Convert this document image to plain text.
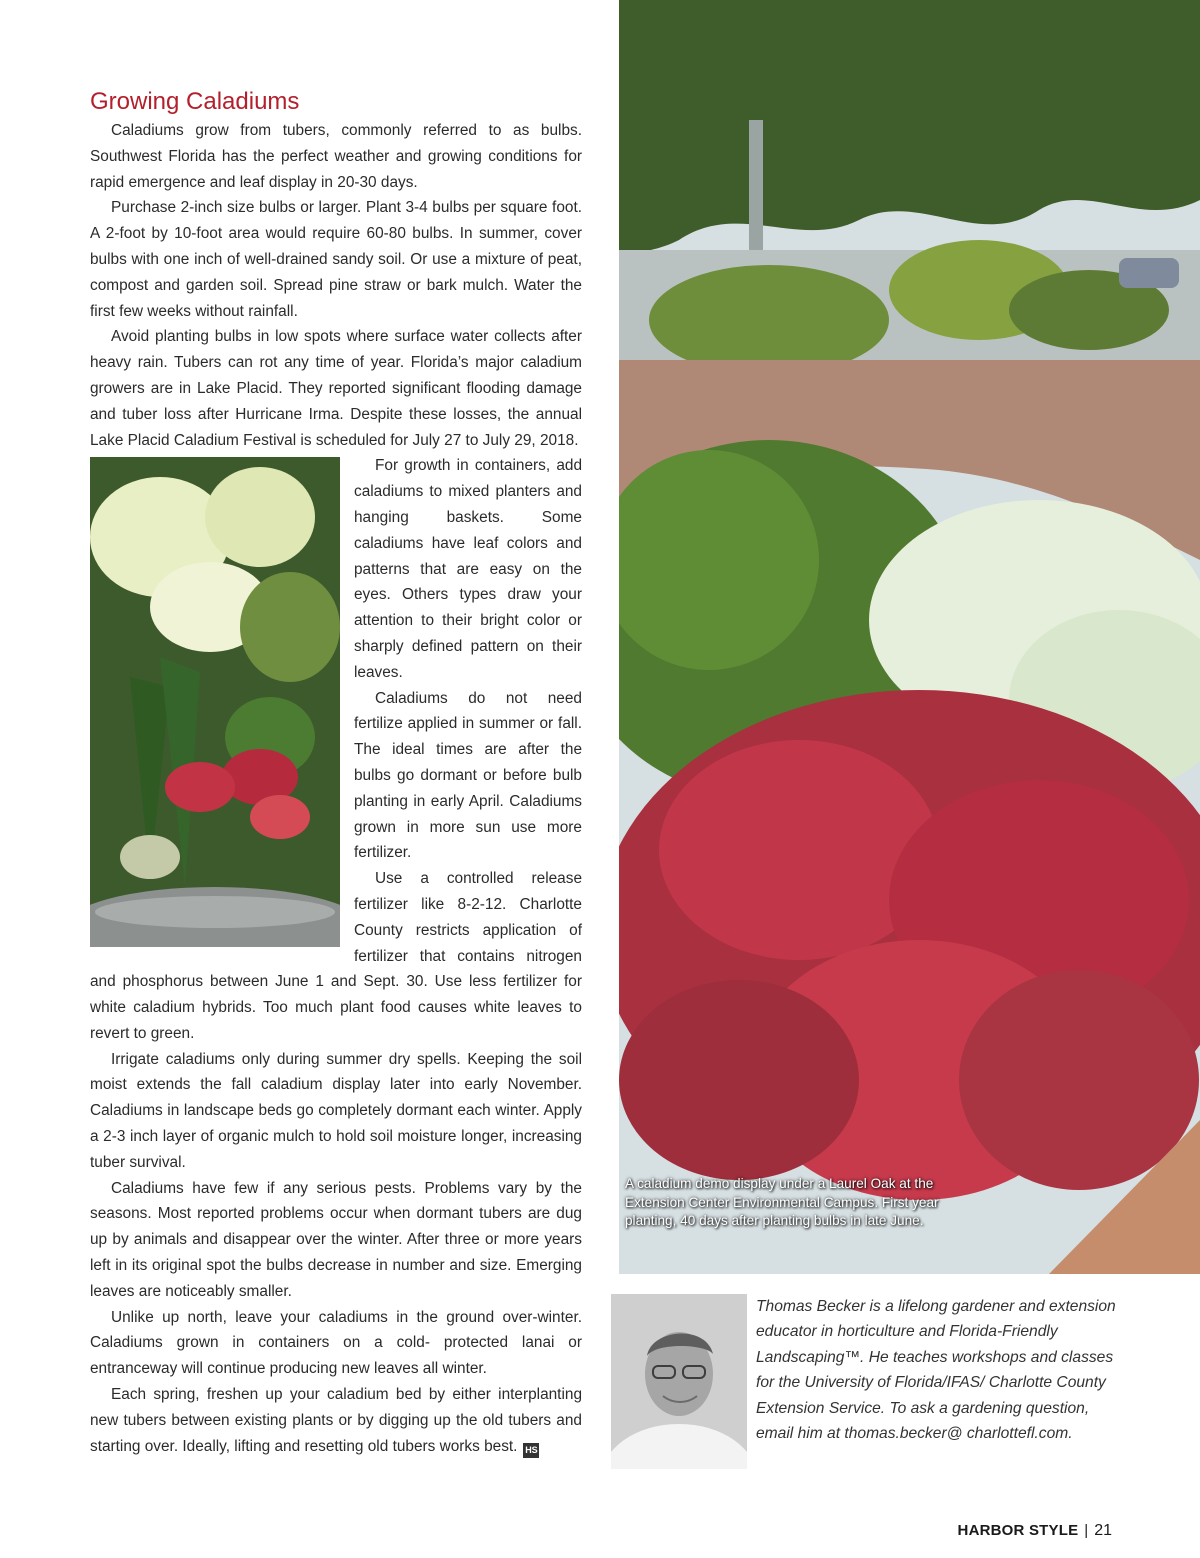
Growing Caladiums

Caladiums grow from tubers, commonly referred to as bulbs. Southwest Florida has the perfect weather and growing conditions for rapid emergence and leaf display in 20-30 days.

Purchase 2-inch size bulbs or larger. Plant 3-4 bulbs per square foot. A 2-foot by 10-foot area would require 60-80 bulbs. In summer, cover bulbs with one inch of well-drained sandy soil. Or use a mixture of peat, compost and garden soil. Spread pine straw or bark mulch. Water the first few weeks without rainfall.

Avoid planting bulbs in low spots where surface water collects after heavy rain. Tubers can rot any time of year. Florida’s major caladium growers are in Lake Placid. They reported significant flooding damage and tuber loss after Hurricane Irma. Despite these losses, the annual Lake Placid Caladium Festival is scheduled for July 27 to July 29, 2018.

For growth in containers, add caladiums to mixed planters and hanging baskets. Some caladiums have leaf colors and patterns that are easy on the eyes. Others types draw your attention to their bright color or sharply defined pattern on their leaves.

Caladiums do not need fertilize applied in summer or fall. The ideal times are after the bulbs go dormant or before bulb planting in early April. Caladiums grown in more sun use more fertilizer.

Use a controlled release fertilizer like 8-2-12. Charlotte County restricts application of fertilizer that contains nitrogen and phosphorus between June 1 and Sept. 30. Use less fertilizer for white caladium hybrids. Too much plant food causes white leaves to revert to green.

Irrigate caladiums only during summer dry spells. Keeping the soil moist extends the fall caladium display later into early November. Caladiums in landscape beds go completely dormant each winter. Apply a 2-3 inch layer of organic mulch to hold soil moisture longer, increasing tuber survival.

Caladiums have few if any serious pests. Problems vary by the seasons. Most reported problems occur when dormant tubers are dug up by animals and disappear over the winter. After three or more years left in its original spot the bulbs decrease in number and size. Emerging leaves are noticeably smaller.

Unlike up north, leave your caladiums in the ground over-winter. Caladiums grown in containers on a cold- protected lanai or entranceway will continue producing new leaves all winter.

Each spring, freshen up your caladium bed by either interplanting new tubers between existing plants or by digging up the old tubers and starting over. Ideally, lifting and resetting old tubers works best. HS

A caladium demo display under a Laurel Oak at the Extension Center Environmental Campus. First year planting, 40 days after planting bulbs in late June.
Thomas Becker is a lifelong gardener and extension educator in horticulture and Florida-Friendly Landscaping™. He teaches workshops and classes for the University of Florida/IFAS/ Charlotte County Extension Service. To ask a gardening question, email him at thomas.becker@ charlottefl.com.
HARBOR STYLE | 21
